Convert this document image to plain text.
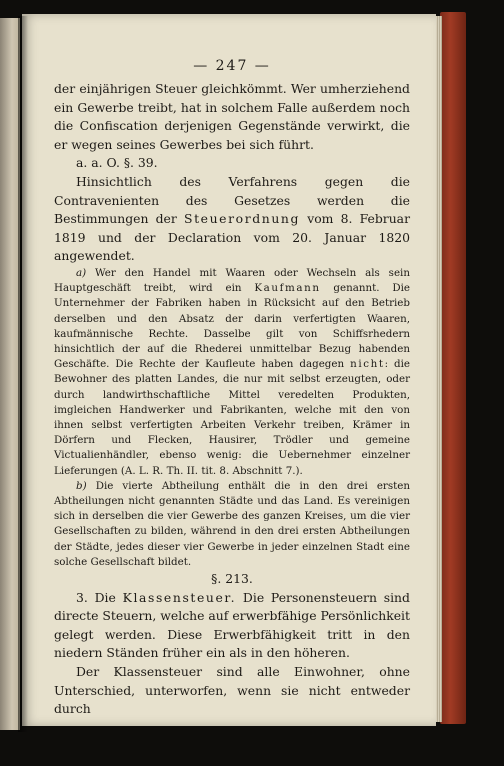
— 247 —

der einjährigen Steuer gleichkömmt. Wer umherziehend ein Gewerbe treibt, hat in solchem Falle außerdem noch die Confiscation derjenigen Gegenstände verwirkt, die er wegen seines Gewerbes bei sich führt.

a. a. O. §. 39.

Hinsichtlich des Verfahrens gegen die Contravenienten des Gesetzes werden die Bestimmungen der Steuerordnung vom 8. Februar 1819 und der Declaration vom 20. Januar 1820 angewendet.

a) Wer den Handel mit Waaren oder Wechseln als sein Hauptgeschäft treibt, wird ein Kaufmann genannt. Die Unternehmer der Fabriken haben in Rücksicht auf den Betrieb derselben und den Absatz der darin verfertigten Waaren, kaufmännische Rechte. Dasselbe gilt von Schiffsrhedern hinsichtlich der auf die Rhederei unmittelbar Bezug habenden Geschäfte. Die Rechte der Kaufleute haben dagegen nicht: die Bewohner des platten Landes, die nur mit selbst erzeugten, oder durch landwirthschaftliche Mittel veredelten Produkten, imgleichen Handwerker und Fabrikanten, welche mit den von ihnen selbst verfertigten Arbeiten Verkehr treiben, Krämer in Dörfern und Flecken, Hausirer, Trödler und gemeine Victualienhändler, ebenso wenig: die Uebernehmer einzelner Lieferungen (A. L. R. Th. II. tit. 8. Abschnitt 7.).

b) Die vierte Abtheilung enthält die in den drei ersten Abtheilungen nicht genannten Städte und das Land. Es vereinigen sich in derselben die vier Gewerbe des ganzen Kreises, um die vier Gesellschaften zu bilden, während in den drei ersten Abtheilungen der Städte, jedes dieser vier Gewerbe in jeder einzelnen Stadt eine solche Gesellschaft bildet.

§. 213.

3. Die Klassensteuer. Die Personensteuern sind directe Steuern, welche auf erwerbfähige Persönlichkeit gelegt werden. Diese Erwerbfähigkeit tritt in den niedern Ständen früher ein als in den höheren.

Der Klassensteuer sind alle Einwohner, ohne Unterschied, unterworfen, wenn sie nicht entweder durch
